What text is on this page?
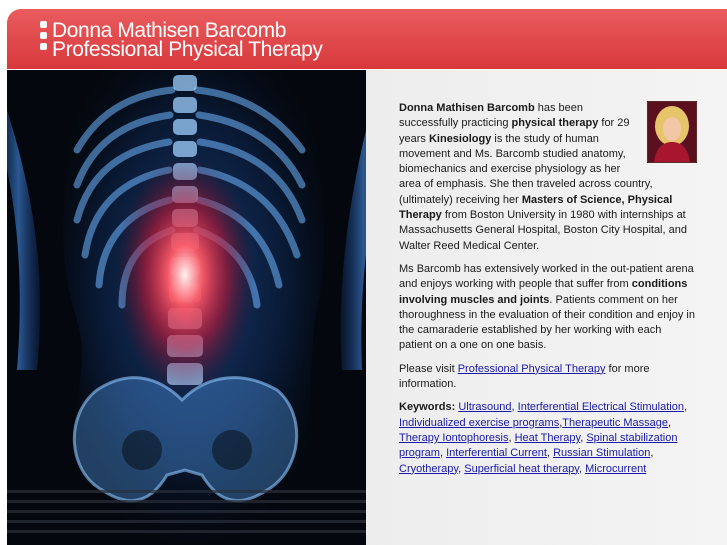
Donna Mathisen Barcomb
Professional Physical Therapy

Donna Mathisen Barcomb has been successfully practicing physical therapy for 29 years Kinesiology is the study of human movement and Ms. Barcomb studied anatomy, biomechanics and exercise physiology as her area of emphasis. She then traveled across country, (ultimately) receiving her Masters of Science, Physical Therapy from Boston University in 1980 with internships at Massachusetts General Hospital, Boston City Hospital, and Walter Reed Medical Center.

Ms Barcomb has extensively worked in the out-patient arena and enjoys working with people that suffer from conditions involving muscles and joints. Patients comment on her thoroughness in the evaluation of their condition and enjoy in the camaraderie established by her working with each patient on a one on one basis.

Please visit Professional Physical Therapy for more information.

Keywords: Ultrasound, Interferential Electrical Stimulation, Individualized exercise programs,Therapeutic Massage, Therapy Iontophoresis, Heat Therapy, Spinal stabilization program, Interferential Current, Russian Stimulation, Cryotherapy, Superficial heat therapy, Microcurrent
